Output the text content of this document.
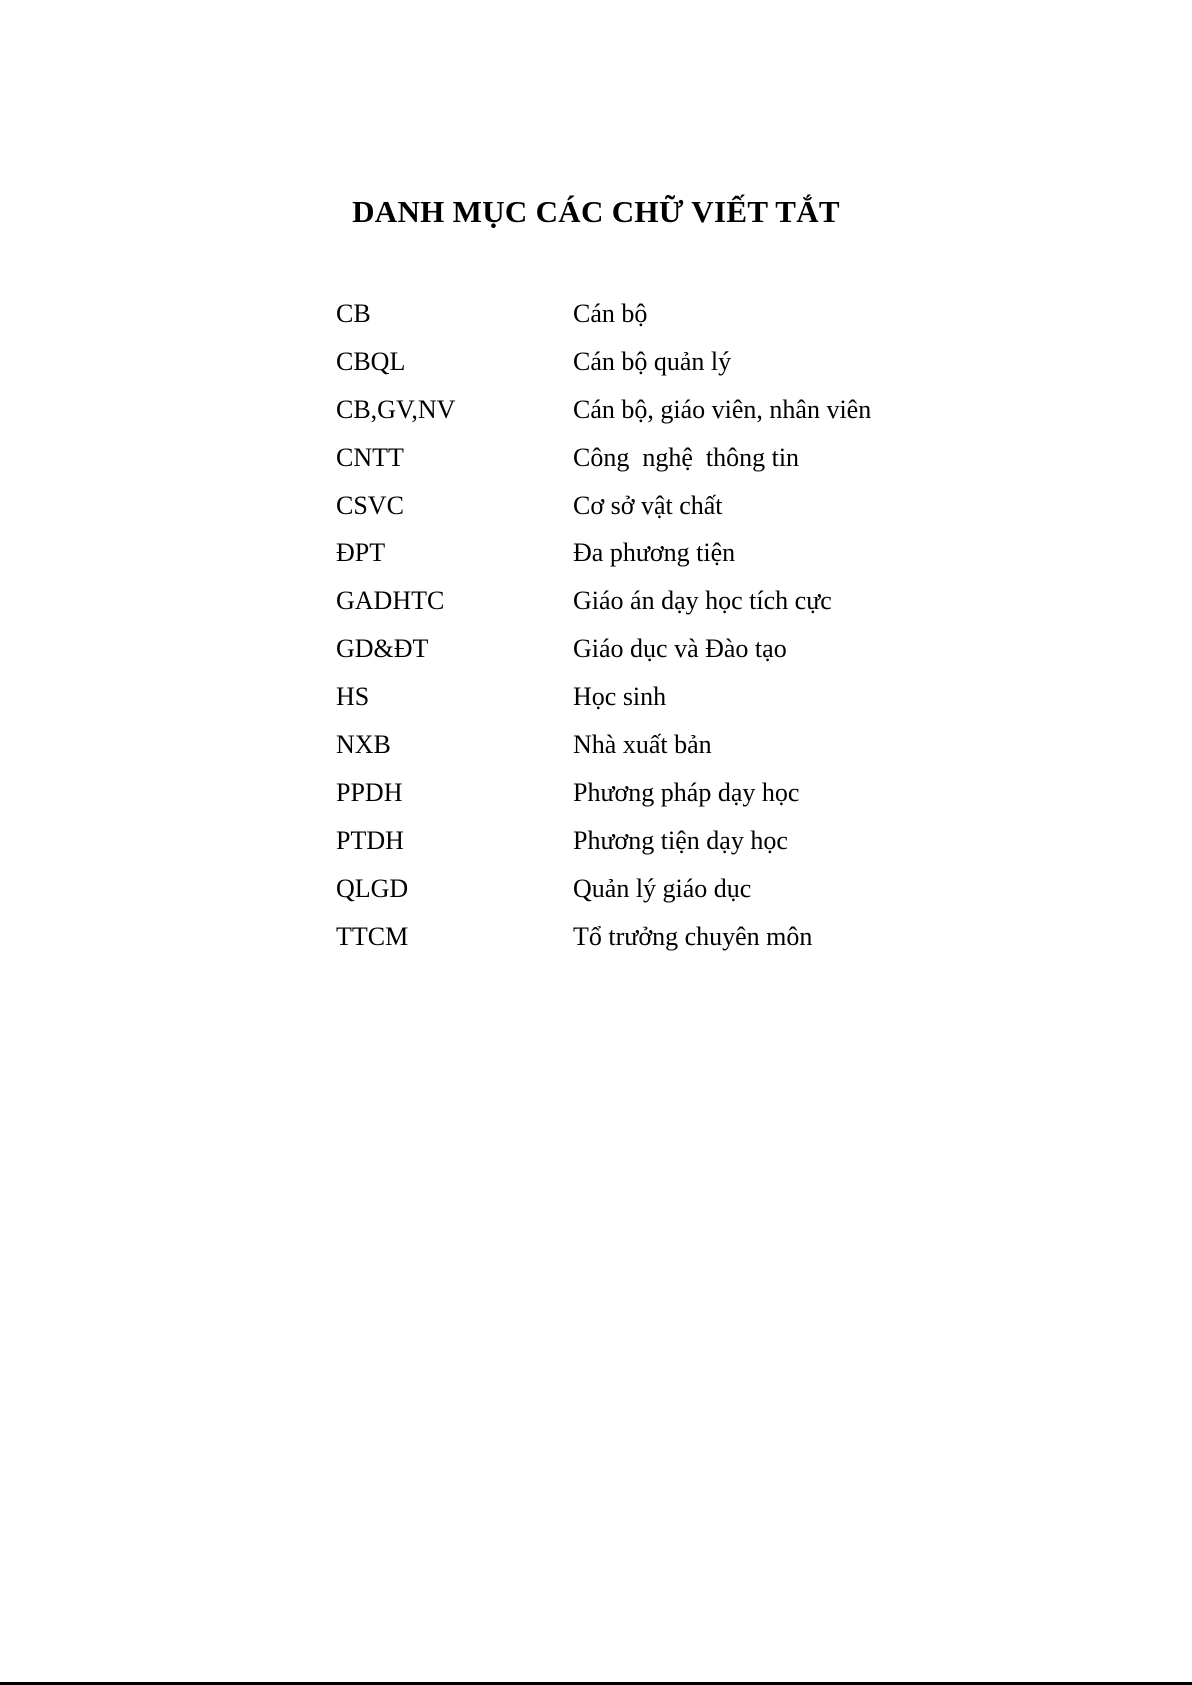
DANH MỤC CÁC CHỮ VIẾT TẮT
CB	Cán bộ
CBQL	Cán bộ quản lý
CB,GV,NV	Cán bộ, giáo viên, nhân viên
CNTT	Công  nghệ  thông tin
CSVC	Cơ sở vật chất
ĐPT	Đa phương tiện
GADHTC	Giáo án dạy học tích cực
GD&ĐT	Giáo dục và Đào tạo
HS	Học sinh
NXB	Nhà xuất bản
PPDH	Phương pháp dạy học
PTDH	Phương tiện dạy học
QLGD	Quản lý giáo dục
TTCM	Tổ trưởng chuyên môn
